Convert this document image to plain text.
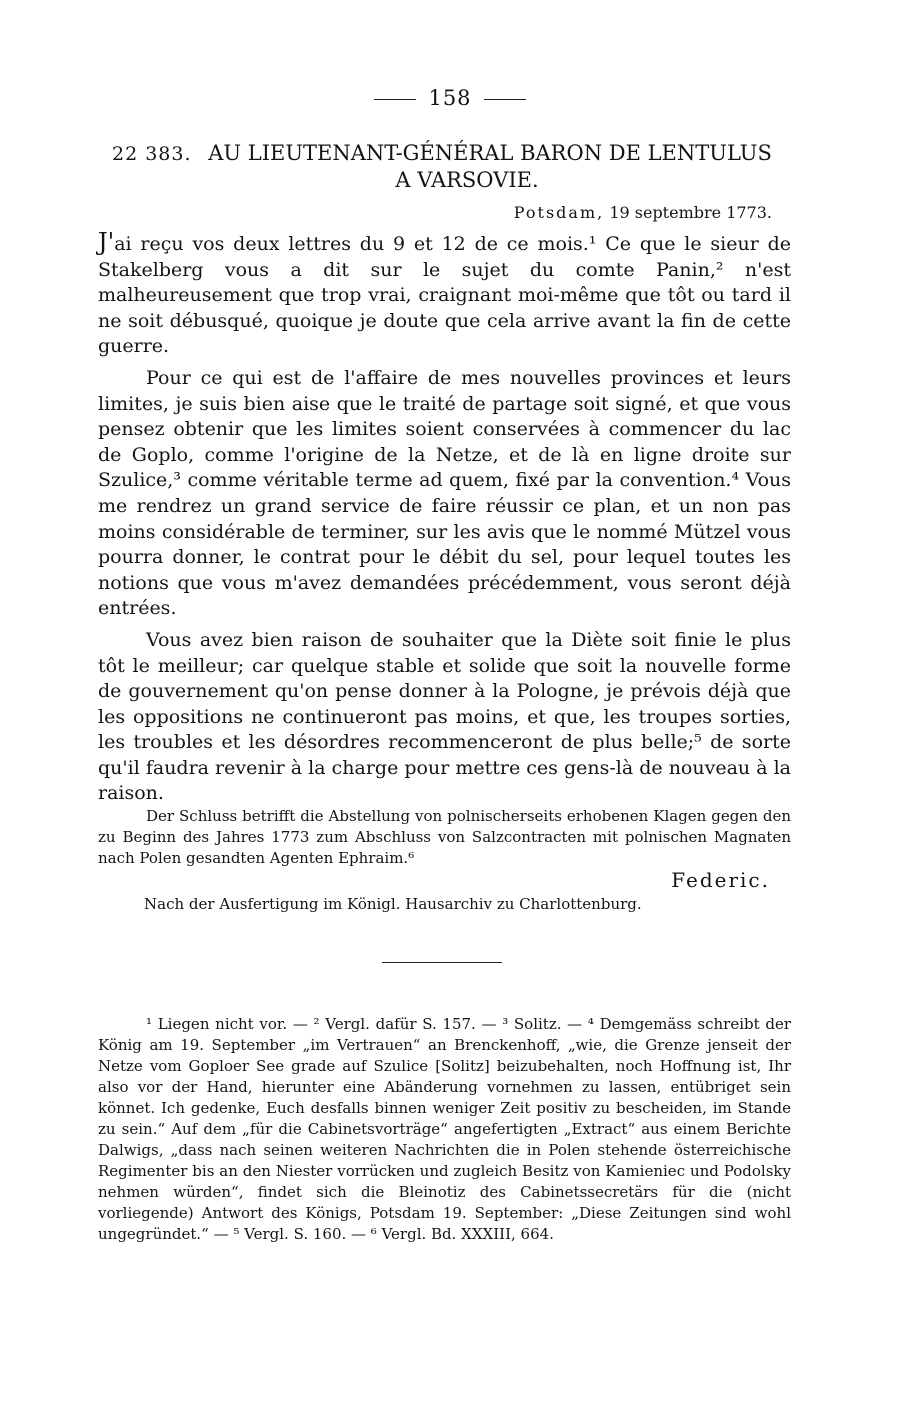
158
22 383. AU LIEUTENANT-GÉNÉRAL BARON DE LENTULUS
A VARSOVIE.
Potsdam, 19 septembre 1773.

J'ai reçu vos deux lettres du 9 et 12 de ce mois.¹ Ce que le sieur de Stakelberg vous a dit sur le sujet du comte Panin,² n'est malheureusement que trop vrai, craignant moi-même que tôt ou tard il ne soit débusqué, quoique je doute que cela arrive avant la fin de cette guerre.

Pour ce qui est de l'affaire de mes nouvelles provinces et leurs limites, je suis bien aise que le traité de partage soit signé, et que vous pensez obtenir que les limites soient conservées à commencer du lac de Goplo, comme l'origine de la Netze, et de là en ligne droite sur Szulice,³ comme véritable terme ad quem, fixé par la convention.⁴ Vous me rendrez un grand service de faire réussir ce plan, et un non pas moins considérable de terminer, sur les avis que le nommé Mützel vous pourra donner, le contrat pour le débit du sel, pour lequel toutes les notions que vous m'avez demandées précédemment, vous seront déjà entrées.

Vous avez bien raison de souhaiter que la Diète soit finie le plus tôt le meilleur; car quelque stable et solide que soit la nouvelle forme de gouvernement qu'on pense donner à la Pologne, je prévois déjà que les oppositions ne continueront pas moins, et que, les troupes sorties, les troubles et les désordres recommenceront de plus belle;⁵ de sorte qu'il faudra revenir à la charge pour mettre ces gens-là de nouveau à la raison.

Der Schluss betrifft die Abstellung von polnischerseits erhobenen Klagen gegen den zu Beginn des Jahres 1773 zum Abschluss von Salzcontracten mit polnischen Magnaten nach Polen gesandten Agenten Ephraim.⁶
Federic.
Nach der Ausfertigung im Königl. Hausarchiv zu Charlottenburg.

¹ Liegen nicht vor. — ² Vergl. dafür S. 157. — ³ Solitz. — ⁴ Demgemäss schreibt der König am 19. September „im Vertrauen“ an Brenckenhoff, „wie, die Grenze jenseit der Netze vom Goploer See grade auf Szulice [Solitz] beizubehalten, noch Hoffnung ist, Ihr also vor der Hand, hierunter eine Abänderung vornehmen zu lassen, entübriget sein könnet. Ich gedenke, Euch desfalls binnen weniger Zeit positiv zu bescheiden, im Stande zu sein.“ Auf dem „für die Cabinetsvorträge“ angefertigten „Extract“ aus einem Berichte Dalwigs, „dass nach seinen weiteren Nachrichten die in Polen stehende österreichische Regimenter bis an den Niester vorrücken und zugleich Besitz von Kamieniec und Podolsky nehmen würden“, findet sich die Bleinotiz des Cabinetssecretärs für die (nicht vorliegende) Antwort des Königs, Potsdam 19. September: „Diese Zeitungen sind wohl ungegründet.“ — ⁵ Vergl. S. 160. — ⁶ Vergl. Bd. XXXIII, 664.
